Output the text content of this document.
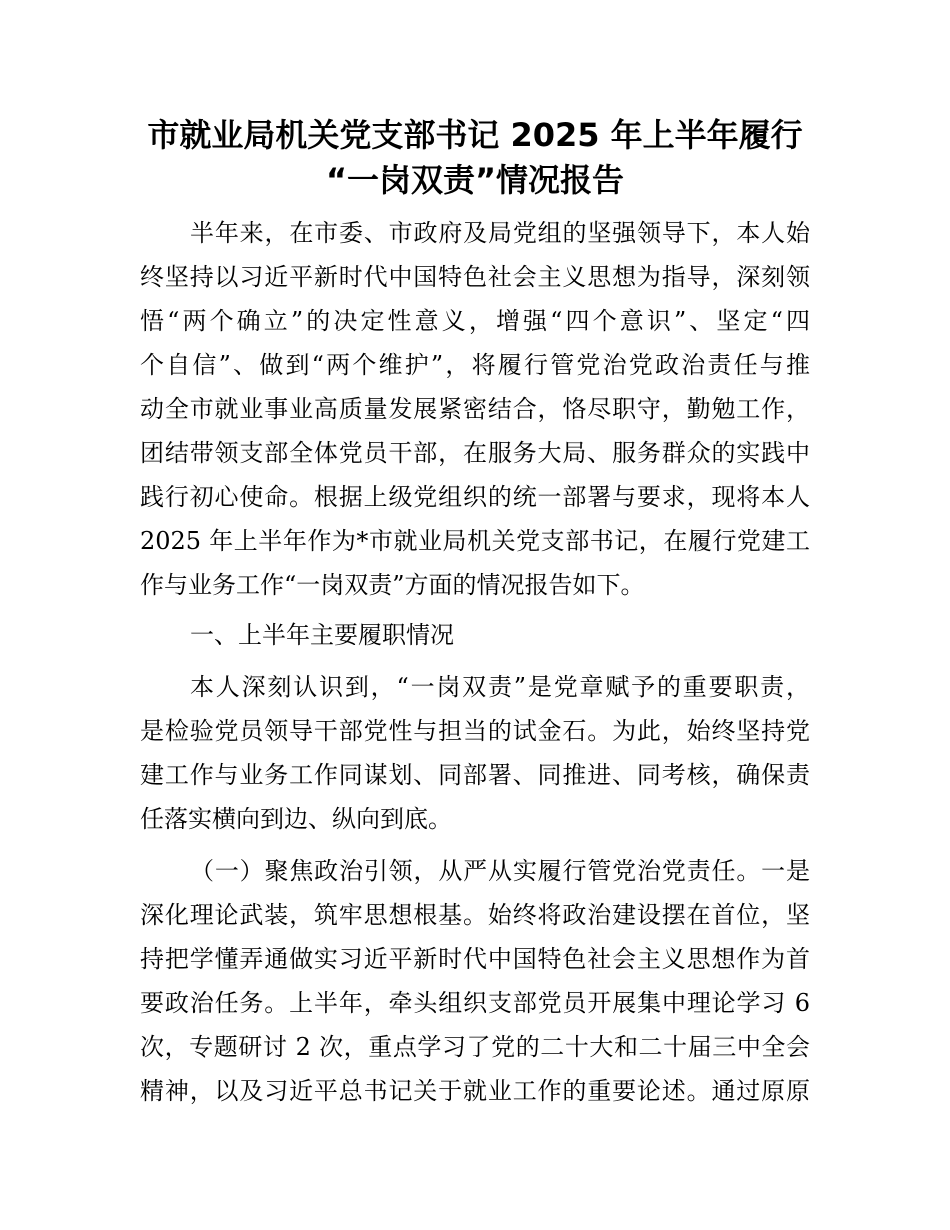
市就业局机关党支部书记 2025 年上半年履行
“一岗双责”情况报告
半年来，在市委、市政府及局党组的坚强领导下，本人始
终坚持以习近平新时代中国特色社会主义思想为指导，深刻领
悟“两个确立”的决定性意义，增强“四个意识”、坚定“四
个自信”、做到“两个维护”，将履行管党治党政治责任与推
动全市就业事业高质量发展紧密结合，恪尽职守，勤勉工作，
团结带领支部全体党员干部，在服务大局、服务群众的实践中
践行初心使命。根据上级党组织的统一部署与要求，现将本人
2025 年上半年作为*市就业局机关党支部书记，在履行党建工
作与业务工作“一岗双责”方面的情况报告如下。
一、上半年主要履职情况
本人深刻认识到，“一岗双责”是党章赋予的重要职责，
是检验党员领导干部党性与担当的试金石。为此，始终坚持党
建工作与业务工作同谋划、同部署、同推进、同考核，确保责
任落实横向到边、纵向到底。
（一）聚焦政治引领，从严从实履行管党治党责任。一是
深化理论武装，筑牢思想根基。始终将政治建设摆在首位，坚
持把学懂弄通做实习近平新时代中国特色社会主义思想作为首
要政治任务。上半年，牵头组织支部党员开展集中理论学习 6
次，专题研讨 2 次，重点学习了党的二十大和二十届三中全会
精神，以及习近平总书记关于就业工作的重要论述。通过原原
